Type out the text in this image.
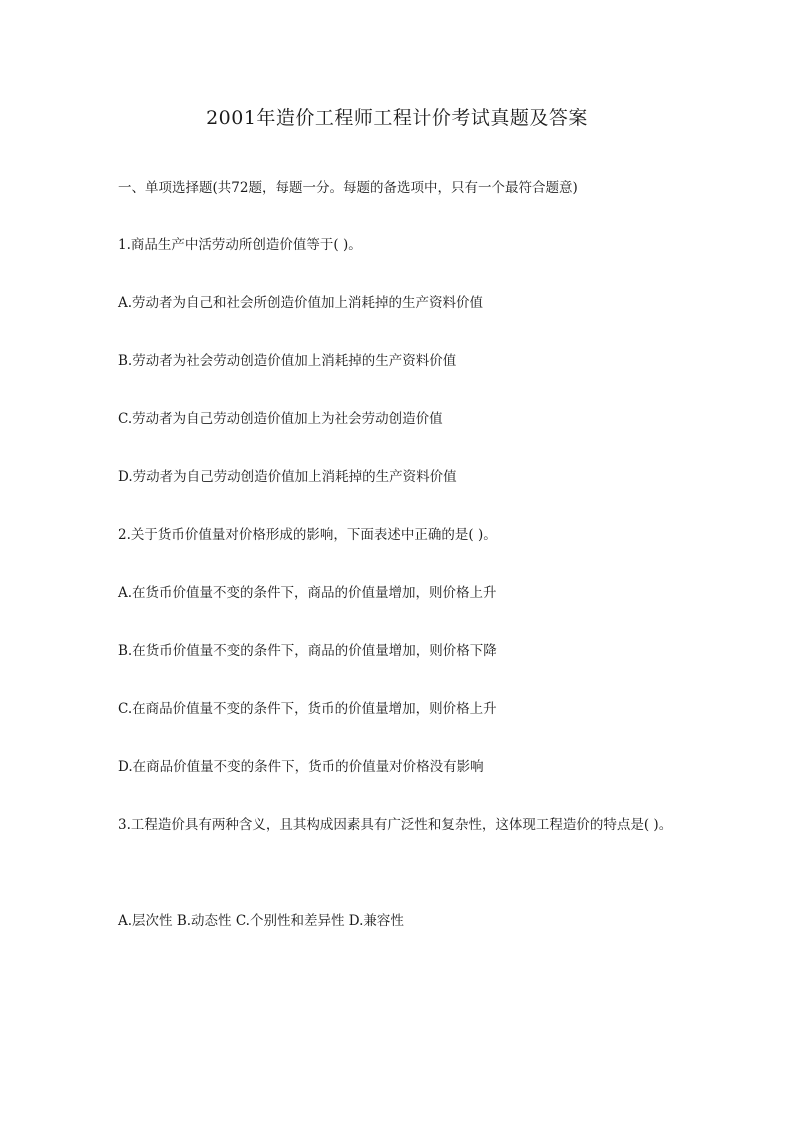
2001年造价工程师工程计价考试真题及答案
一、单项选择题(共72题，每题一分。每题的备选项中，只有一个最符合题意)
1.商品生产中活劳动所创造价值等于( )。
A.劳动者为自己和社会所创造价值加上消耗掉的生产资料价值
B.劳动者为社会劳动创造价值加上消耗掉的生产资料价值
C.劳动者为自己劳动创造价值加上为社会劳动创造价值
D.劳动者为自己劳动创造价值加上消耗掉的生产资料价值
2.关于货币价值量对价格形成的影响，下面表述中正确的是( )。
A.在货币价值量不变的条件下，商品的价值量增加，则价格上升
B.在货币价值量不变的条件下，商品的价值量增加，则价格下降
C.在商品价值量不变的条件下，货币的价值量增加，则价格上升
D.在商品价值量不变的条件下，货币的价值量对价格没有影响
3.工程造价具有两种含义，且其构成因素具有广泛性和复杂性，这体现工程造价的特点是( )。
A.层次性 B.动态性 C.个别性和差异性 D.兼容性
